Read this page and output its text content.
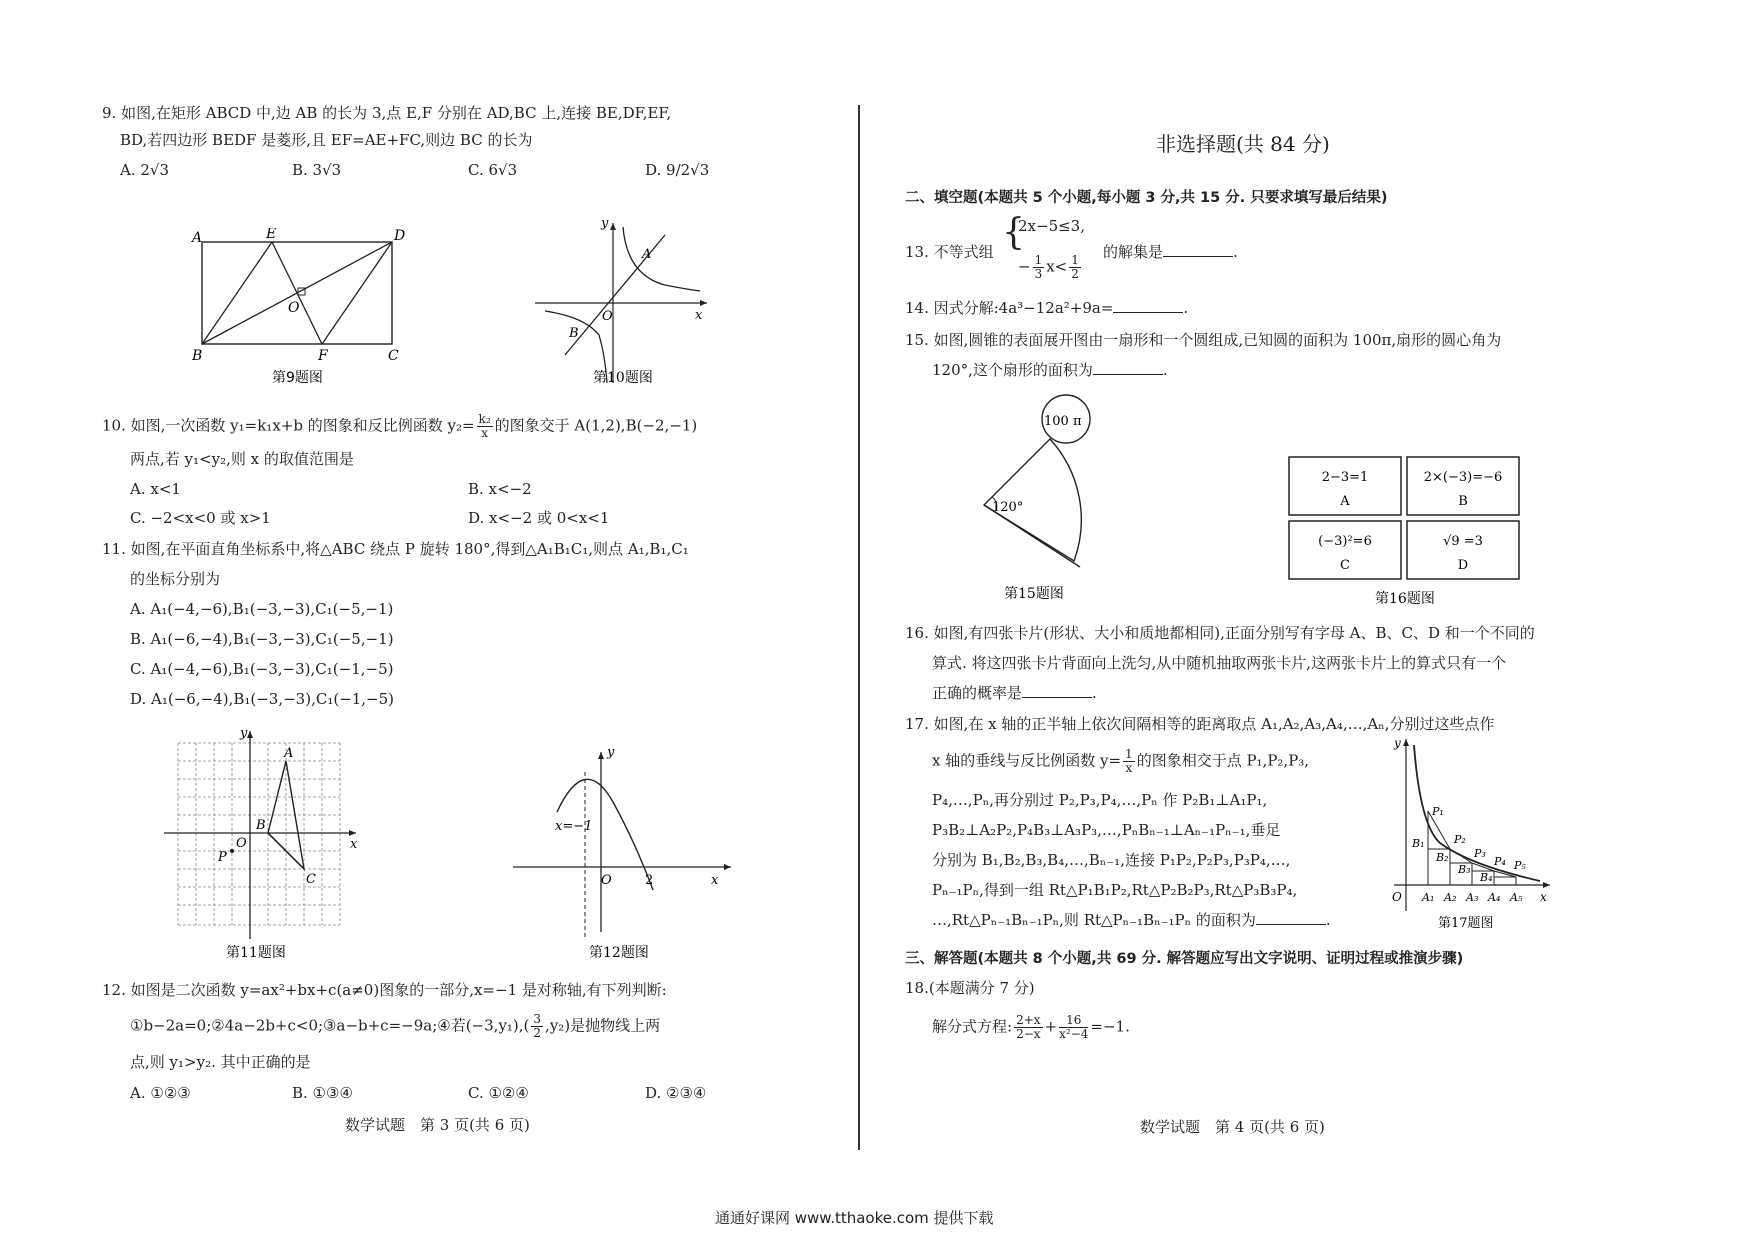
9. 如图,在矩形 ABCD 中,边 AB 的长为 3,点 E,F 分别在 AD,BC 上,连接 BE,DF,EF,
BD,若四边形 BEDF 是菱形,且 EF=AE+FC,则边 BC 的长为
A. 2√3	B. 3√3	C. 6√3	D. 9/2√3
A	E	D
B	F	C
O
第9题图
y
A
O	x
B
第10题图
10. 如图,一次函数 y₁=k₁x+b 的图象和反比例函数 $y_2= \frac{\text{k₂}}{x}$ 的图象交于 A(1,2),B(−2,−1)
两点,若 y₁<y₂,则 x 的取值范围是
A. x<1	B. x<−2
C. −2<x<0 或 x>1	D. x<−2 或 0<x<1
11. 如图,在平面直角坐标系中,将△ABC 绕点 P 旋转 180°,得到△A₁B₁C₁,则点 A₁,B₁,C₁
的坐标分别为
A. A₁(−4,−6),B₁(−3,−3),C₁(−5,−1)
B. A₁(−6,−4),B₁(−3,−3),C₁(−5,−1)
C. A₁(−4,−6),B₁(−3,−3),C₁(−1,−5)
D. A₁(−6,−4),B₁(−3,−3),C₁(−1,−5)
y
A
B
O	x
P
C
第11题图
y
x=−1
O	2	x
第12题图
12. 如图是二次函数 y=ax²+bx+c(a≠0)图象的一部分,x=−1 是对称轴,有下列判断:
①b−2a=0;②4a−2b+c<0;③a−b+c=−9a;④若$(-3,y_1),( \frac{3}{2} ,y_2)$是抛物线上两
点,则 y₁>y₂. 其中正确的是
A. ①②③	B. ①③④	C. ①②④	D. ②③④
数学试题　第 3 页(共 6 页)
非选择题(共 84 分)
二、填空题(本题共 5 个小题,每小题 3 分,共 15 分. 只要求填写最后结果)
13. 不等式组 {
2x−5≤3,
− $\frac{1}{3} x< \frac{1}{2}$
的解集是	.
14. 因式分解:4a³−12a²+9a=	.
15. 如图,圆锥的表面展开图由一扇形和一个圆组成,已知圆的面积为 100π,扇形的圆心角为
120°,这个扇形的面积为	.
100 π
120°
第15题图
2−3=1
A
2×(−3)=−6
B
(−3)²=6
C
√9 =3
D
第16题图
16. 如图,有四张卡片(形状、大小和质地都相同),正面分别写有字母 A、B、C、D 和一个不同的
算式. 将这四张卡片背面向上洗匀,从中随机抽取两张卡片,这两张卡片上的算式只有一个
正确的概率是	.
17. 如图,在 x 轴的正半轴上依次间隔相等的距离取点 A₁,A₂,A₃,A₄,…,Aₙ,分别过这些点作
x 轴的垂线与反比例函数 $y= \frac{1}{x}$ 的图象相交于点 P₁,P₂,P₃,
P₄,…,Pₙ,再分别过 P₂,P₃,P₄,…,Pₙ 作 P₂B₁⊥A₁P₁,
P₃B₂⊥A₂P₂,P₄B₃⊥A₃P₃,…,PₙBₙ₋₁⊥Aₙ₋₁Pₙ₋₁,垂足
分别为 B₁,B₂,B₃,B₄,…,Bₙ₋₁,连接 P₁P₂,P₂P₃,P₃P₄,…,
Pₙ₋₁Pₙ,得到一组 Rt△P₁B₁P₂,Rt△P₂B₂P₃,Rt△P₃B₃P₄,
…,Rt△Pₙ₋₁Bₙ₋₁Pₙ,则 Rt△Pₙ₋₁Bₙ₋₁Pₙ 的面积为	.
y
P₁
P₂
P₃
P₄ P₅
B₁
B₂
B₃
B₄
O A₁ A₂ A₃ A₄ A₅ x
第17题图
三、解答题(本题共 8 个小题,共 69 分. 解答题应写出文字说明、证明过程或推演步骤)
18.(本题满分 7 分)
解分式方程: $\frac{2+x}{2-x} + \frac{16}{\text{x²−4}} =-1$.
数学试题　第 4 页(共 6 页)
通通好课网 www.tthaoke.com 提供下载
